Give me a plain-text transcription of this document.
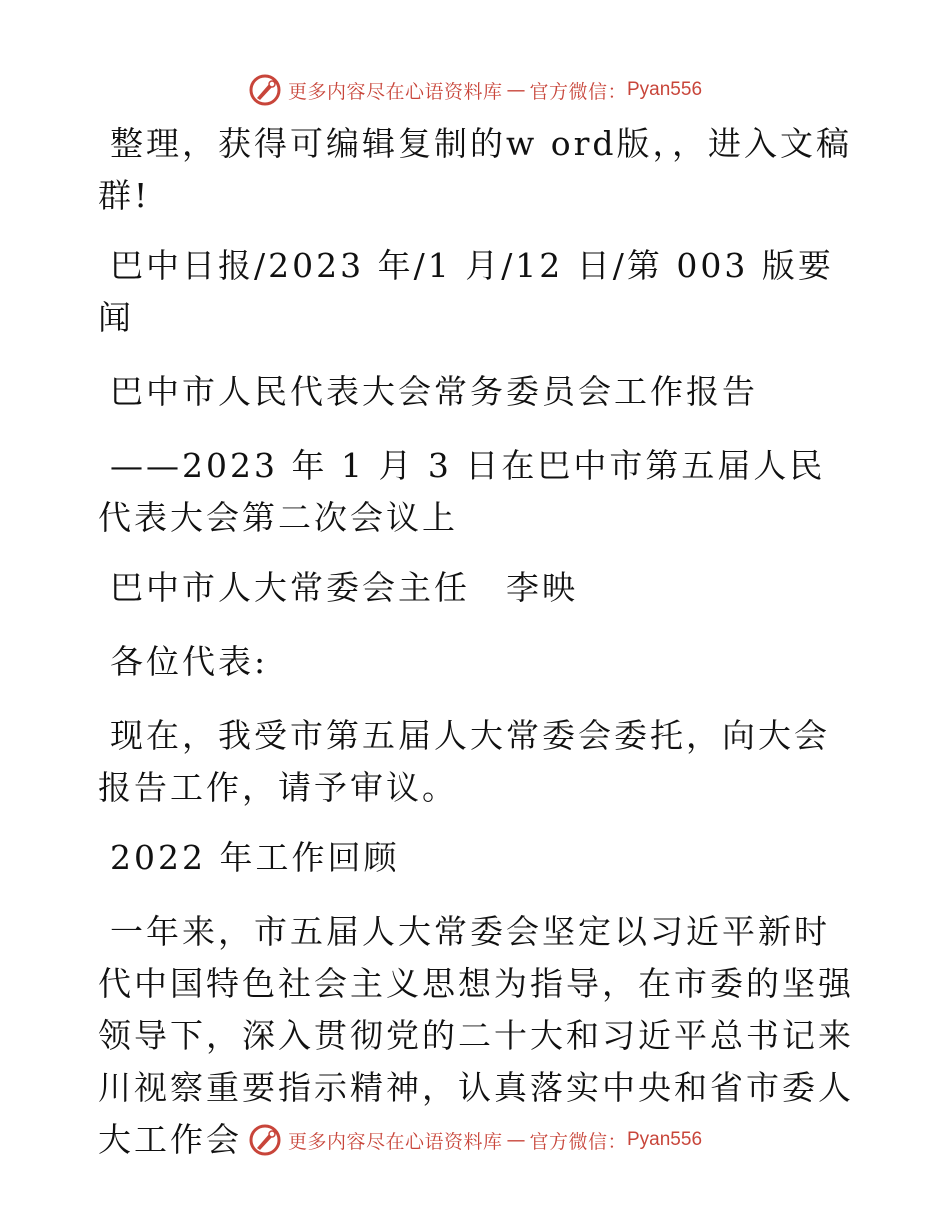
更多内容尽在心语资料库 — 官方微信： Pyan556

整理，获得可编辑复制的w ord版，，进入文稿群!

巴中日报/2023 年/1 月/12 日/第 003 版要闻

巴中市人民代表大会常务委员会工作报告

——2023 年 1 月 3 日在巴中市第五届人民代表大会第二次会议上

巴中市人大常委会主任　李映

各位代表:

现在，我受市第五届人大常委会委托，向大会报告工作，请予审议。

2022 年工作回顾

一年来，市五届人大常委会坚定以习近平新时代中国特色社会主义思想为指导，在市委的坚强领导下，深入贯彻党的二十大和习近平总书记来川视察重要指示精神，认真落实中央和省市委人大工作会	更多内容尽在心语资料库 — 官方微信： Pyan556
